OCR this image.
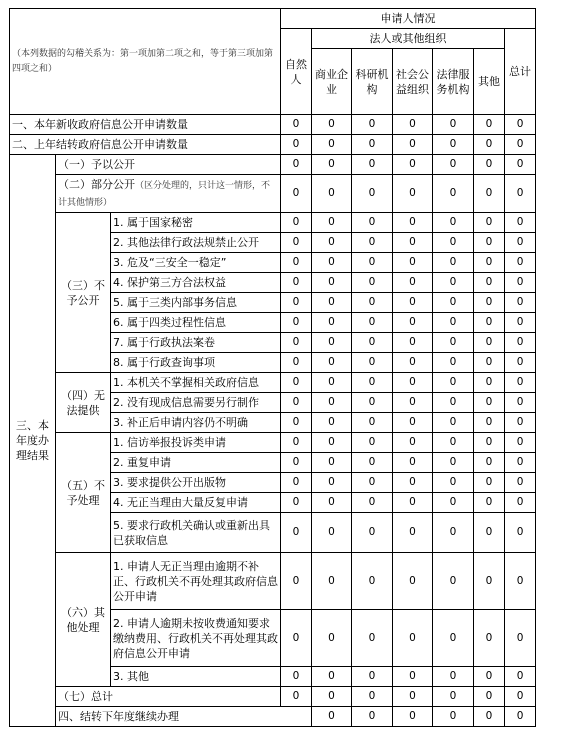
（本列数据的勾稽关系为：第一项加第二项之和，等于第三项加第四项之和）			申请人情况							
			自然人	法人或其他组织					总计	
				商业企业	科研机构	社会公益组织	法律服务机构	其他		
一、本年新收政府信息公开申请数量			0	0	0	0	0	0	0	
二、上年结转政府信息公开申请数量			0	0	0	0	0	0	0	
三、本年度办理结果	（一）予以公开		0	0	0	0	0	0	0	
	（二）部分公开（区分处理的，只计这一情形，不计其他情形）		0	0	0	0	0	0	0	
	（三）不予公开	1. 属于国家秘密	0	0	0	0	0	0	0	
		2. 其他法律行政法规禁止公开	0	0	0	0	0	0	0	
		3. 危及“三安全一稳定”	0	0	0	0	0	0	0	
		4. 保护第三方合法权益	0	0	0	0	0	0	0	
		5. 属于三类内部事务信息	0	0	0	0	0	0	0	
		6. 属于四类过程性信息	0	0	0	0	0	0	0	
		7. 属于行政执法案卷	0	0	0	0	0	0	0	
		8. 属于行政查询事项	0	0	0	0	0	0	0	
	（四）无法提供	1. 本机关不掌握相关政府信息	0	0	0	0	0	0	0	
		2. 没有现成信息需要另行制作	0	0	0	0	0	0	0	
		3. 补正后申请内容仍不明确	0	0	0	0	0	0	0	
	（五）不予处理	1. 信访举报投诉类申请	0	0	0	0	0	0	0	
		2. 重复申请	0	0	0	0	0	0	0	
		3. 要求提供公开出版物	0	0	0	0	0	0	0	
		4. 无正当理由大量反复申请	0	0	0	0	0	0	0	
		5. 要求行政机关确认或重新出具已获取信息	0	0	0	0	0	0	0	
	（六）其他处理	1. 申请人无正当理由逾期不补正、行政机关不再处理其政府信息公开申请	0	0	0	0	0	0	0	
		2. 申请人逾期未按收费通知要求缴纳费用、行政机关不再处理其政府信息公开申请	0	0	0	0	0	0	0	
		3. 其他	0	0	0	0	0	0	0	
	（七）总计		0	0	0	0	0	0	0	
	四、结转下年度继续办理			0	0	0	0	0	0	
